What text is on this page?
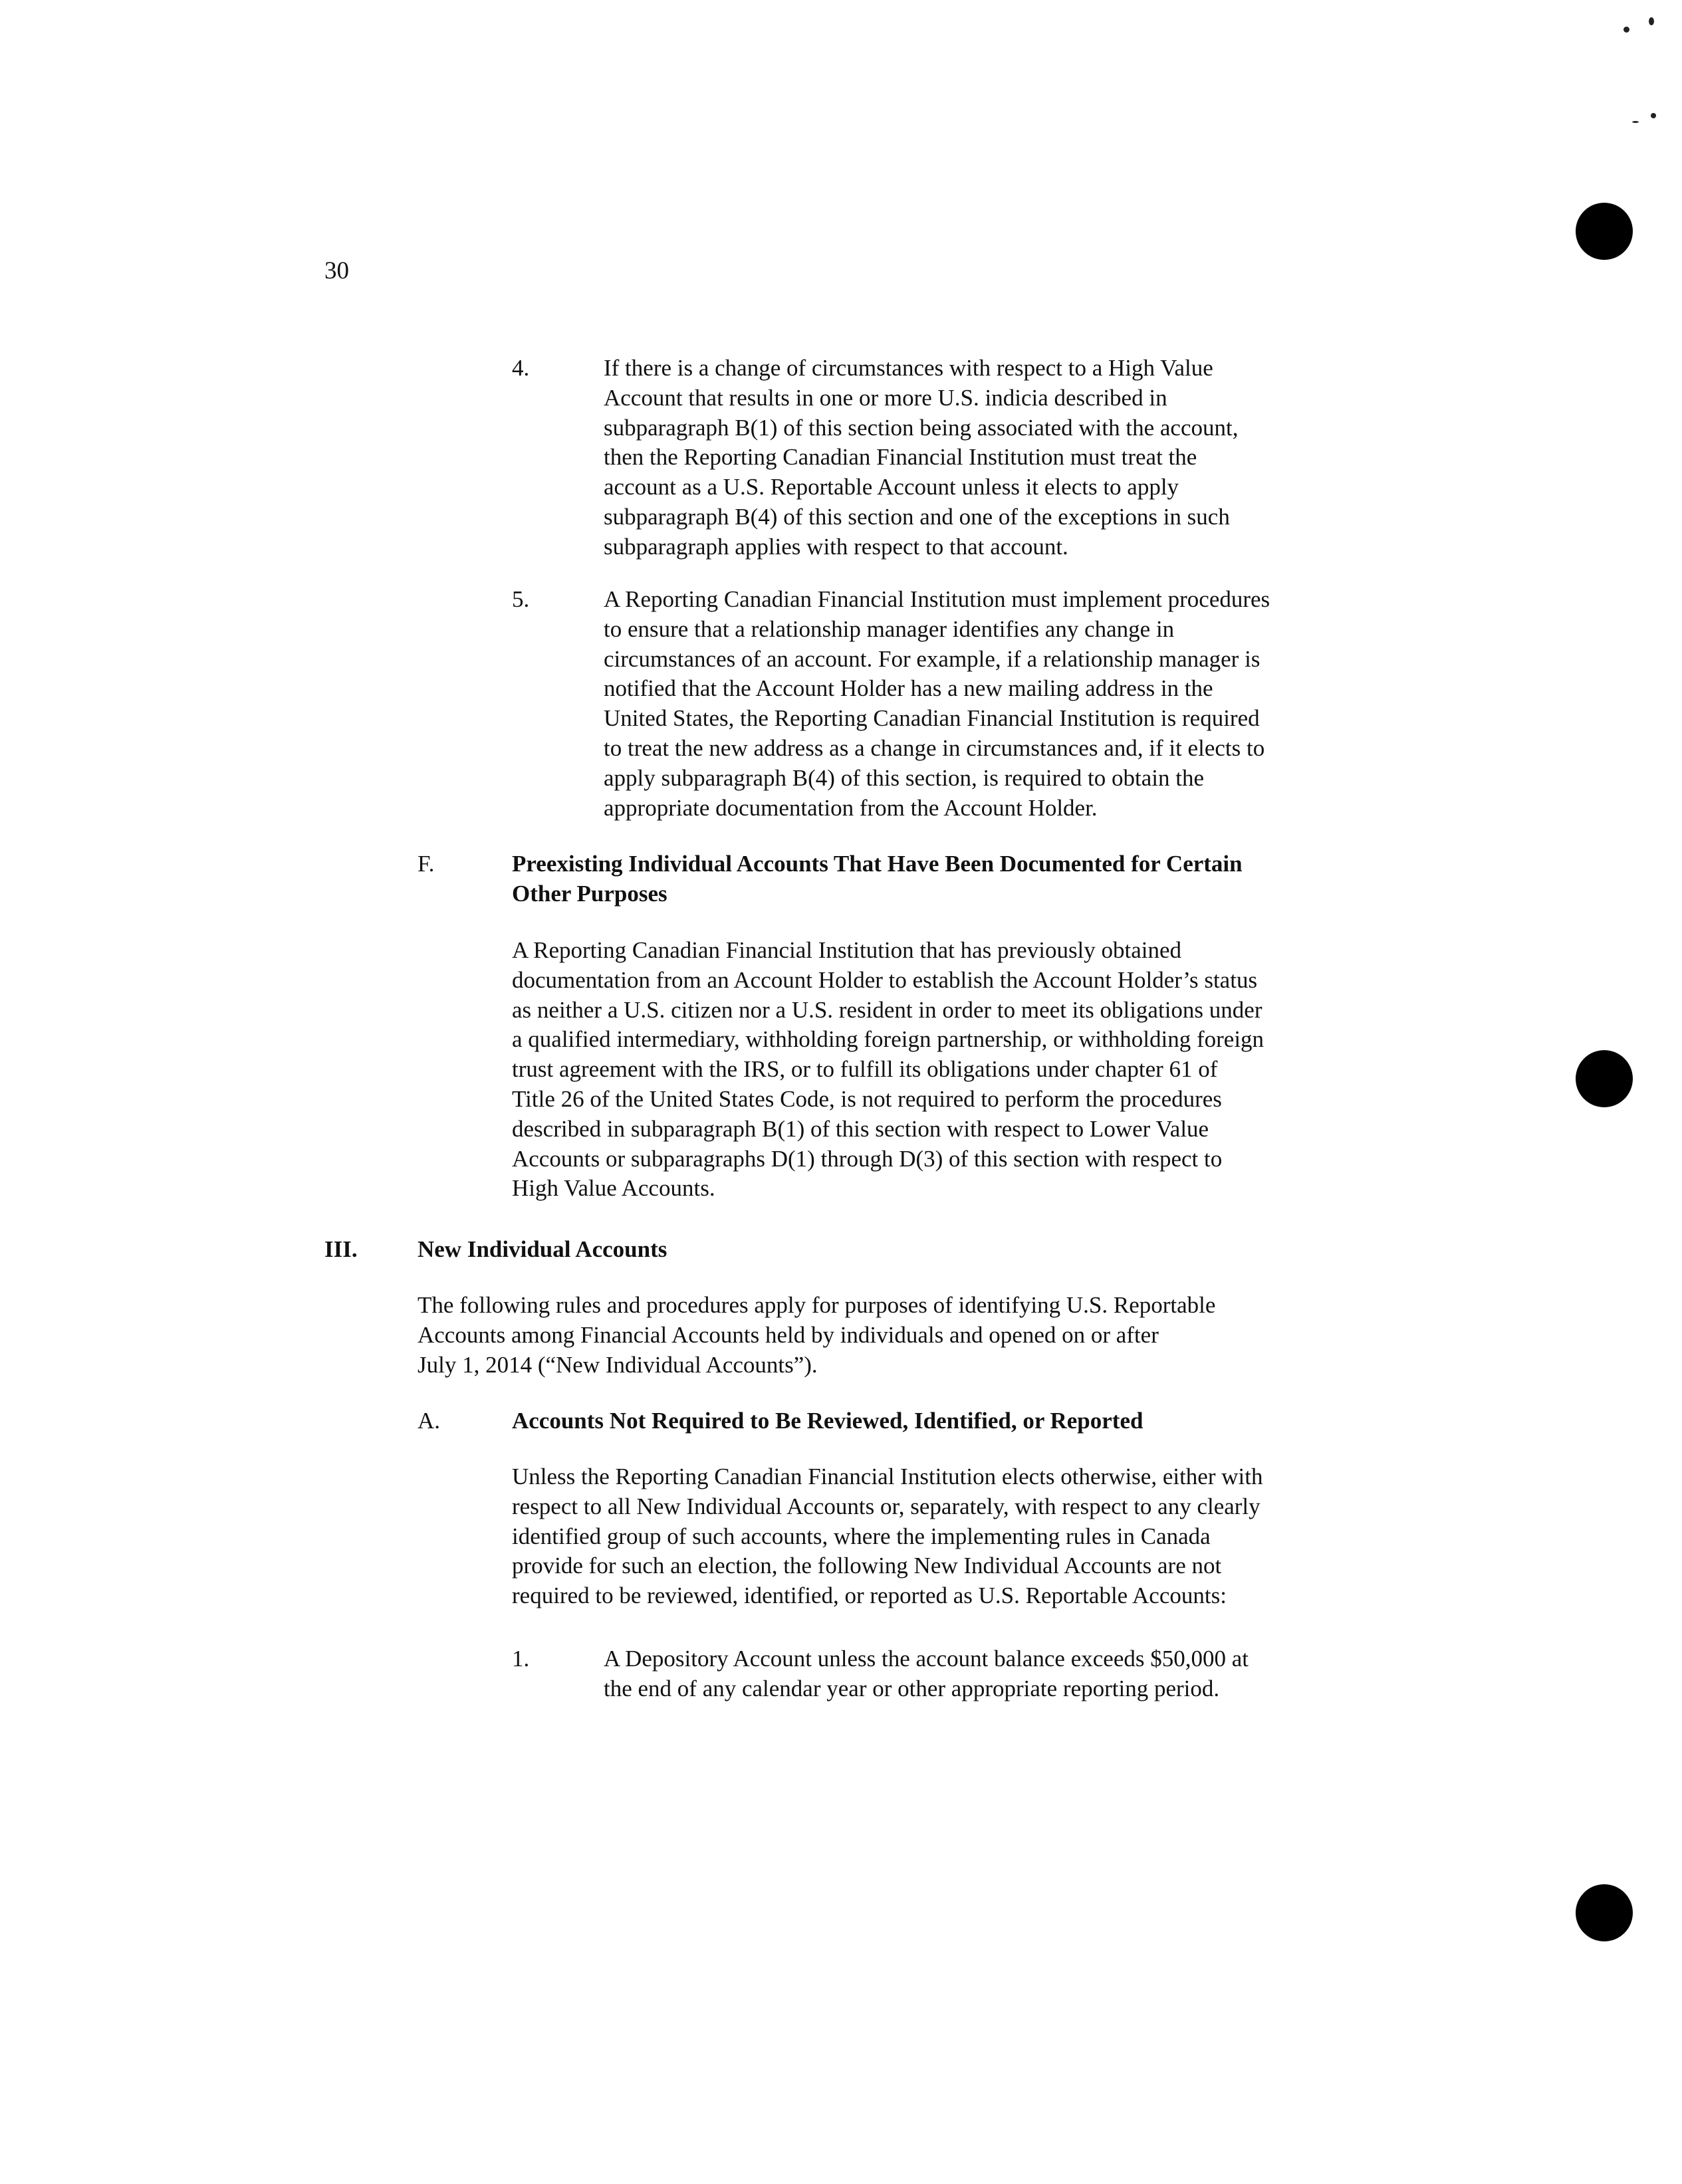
30
4.	If there is a change of circumstances with respect to a High Value
Account that results in one or more U.S. indicia described in
subparagraph B(1) of this section being associated with the account,
then the Reporting Canadian Financial Institution must treat the
account as a U.S. Reportable Account unless it elects to apply
subparagraph B(4) of this section and one of the exceptions in such
subparagraph applies with respect to that account.
5.	A Reporting Canadian Financial Institution must implement procedures
to ensure that a relationship manager identifies any change in
circumstances of an account. For example, if a relationship manager is
notified that the Account Holder has a new mailing address in the
United States, the Reporting Canadian Financial Institution is required
to treat the new address as a change in circumstances and, if it elects to
apply subparagraph B(4) of this section, is required to obtain the
appropriate documentation from the Account Holder.
F.	Preexisting Individual Accounts That Have Been Documented for Certain
Other Purposes
A Reporting Canadian Financial Institution that has previously obtained
documentation from an Account Holder to establish the Account Holder’s status
as neither a U.S. citizen nor a U.S. resident in order to meet its obligations under
a qualified intermediary, withholding foreign partnership, or withholding foreign
trust agreement with the IRS, or to fulfill its obligations under chapter 61 of
Title 26 of the United States Code, is not required to perform the procedures
described in subparagraph B(1) of this section with respect to Lower Value
Accounts or subparagraphs D(1) through D(3) of this section with respect to
High Value Accounts.
III.	New Individual Accounts
The following rules and procedures apply for purposes of identifying U.S. Reportable
Accounts among Financial Accounts held by individuals and opened on or after
July 1, 2014 (“New Individual Accounts”).
A.	Accounts Not Required to Be Reviewed, Identified, or Reported
Unless the Reporting Canadian Financial Institution elects otherwise, either with
respect to all New Individual Accounts or, separately, with respect to any clearly
identified group of such accounts, where the implementing rules in Canada
provide for such an election, the following New Individual Accounts are not
required to be reviewed, identified, or reported as U.S. Reportable Accounts:
1.	A Depository Account unless the account balance exceeds $50,000 at
the end of any calendar year or other appropriate reporting period.
